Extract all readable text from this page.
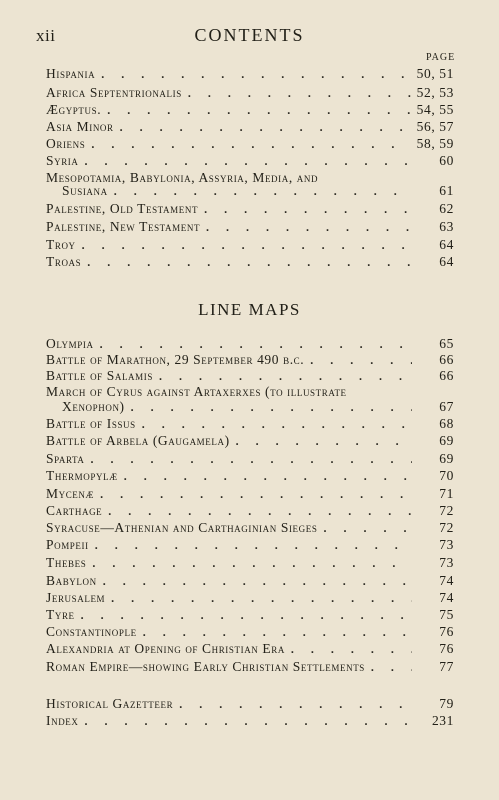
xii	CONTENTS
PAGE
Hispania . . .	50, 51
Africa Septentrionalis . . .	52, 53
Ægyptus. . . .	54, 55
Asia Minor . . .	56, 57
Oriens . . .	58, 59
Syria . . .	60
Mesopotamia, Babylonia, Assyria, Media, and
Susiana . . .	61
Palestine, Old Testament . . .	62
Palestine, New Testament . . .	63
Troy . . .	64
Troas . . .	64
LINE MAPS
Olympia . . .	65
Battle of Marathon, 29 September 490 b.c. . . .	66
Battle of Salamis . . .	66
March of Cyrus against Artaxerxes (to illustrate
Xenophon) . . .	67
Battle of Issus . . .	68
Battle of Arbela (Gaugamela) . . .	69
Sparta . . .	69
Thermopylæ . . .	70
Mycenæ . . .	71
Carthage . . .	72
Syracuse—Athenian and Carthaginian Sieges . . .	72
Pompeii . . .	73
Thebes . . .	73
Babylon . . .	74
Jerusalem . . .	74
Tyre . . .	75
Constantinople . . .	76
Alexandria at Opening of Christian Era . . .	76
Roman Empire—showing Early Christian Settlements . . .	77
Historical Gazetteer . . .	79
Index . . .	231
